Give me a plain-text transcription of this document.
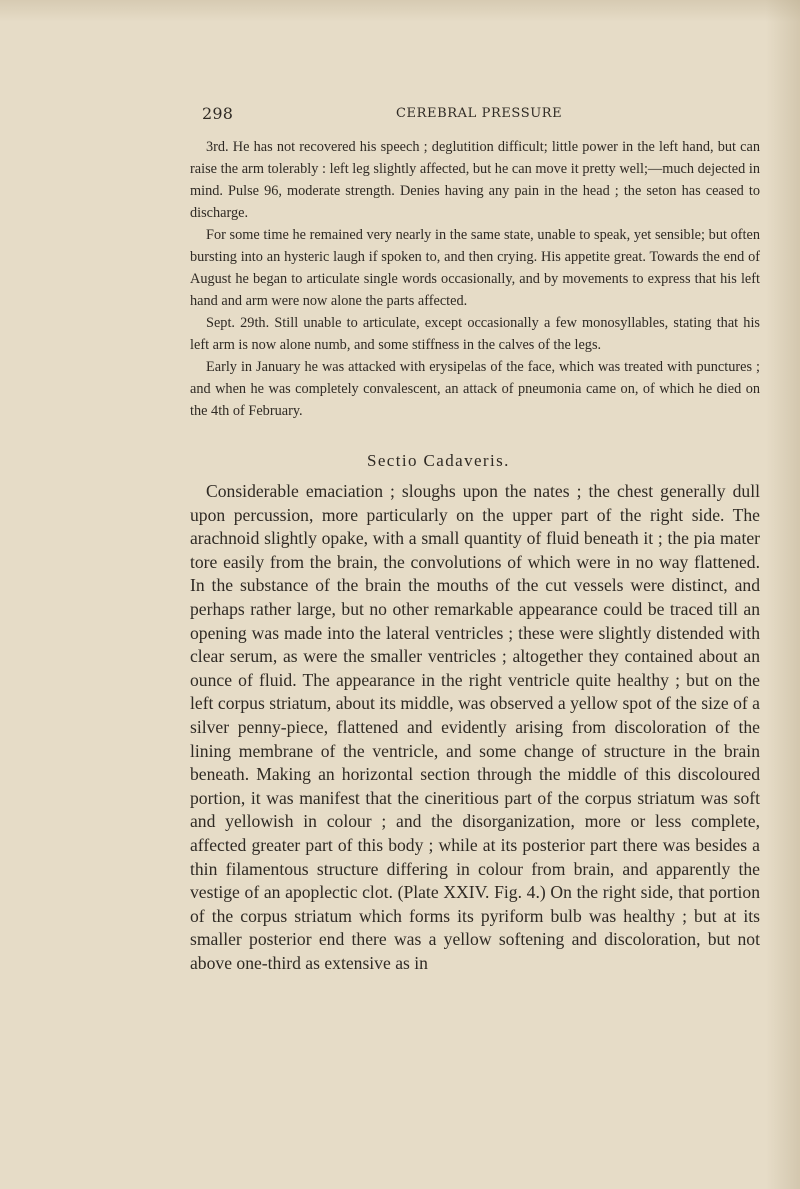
298	CEREBRAL PRESSURE

3rd. He has not recovered his speech ; deglutition difficult; little power in the left hand, but can raise the arm tolerably : left leg slightly affected, but he can move it pretty well;—much dejected in mind. Pulse 96, moderate strength. Denies having any pain in the head ; the seton has ceased to discharge.

For some time he remained very nearly in the same state, unable to speak, yet sensible; but often bursting into an hysteric laugh if spoken to, and then crying. His appetite great. Towards the end of August he began to articulate single words occasionally, and by movements to express that his left hand and arm were now alone the parts affected.

Sept. 29th. Still unable to articulate, except occasionally a few monosyllables, stating that his left arm is now alone numb, and some stiffness in the calves of the legs.

Early in January he was attacked with erysipelas of the face, which was treated with punctures ; and when he was completely convalescent, an attack of pneumonia came on, of which he died on the 4th of February.

Sectio Cadaveris.

Considerable emaciation ; sloughs upon the nates ; the chest generally dull upon percussion, more particularly on the upper part of the right side. The arachnoid slightly opake, with a small quantity of fluid beneath it ; the pia mater tore easily from the brain, the convolutions of which were in no way flattened. In the substance of the brain the mouths of the cut vessels were distinct, and perhaps rather large, but no other remarkable appearance could be traced till an opening was made into the lateral ventricles ; these were slightly distended with clear serum, as were the smaller ventricles ; altogether they contained about an ounce of fluid. The appearance in the right ventricle quite healthy ; but on the left corpus striatum, about its middle, was observed a yellow spot of the size of a silver penny-piece, flattened and evidently arising from discoloration of the lining membrane of the ventricle, and some change of structure in the brain beneath. Making an horizontal section through the middle of this discoloured portion, it was manifest that the cineritious part of the corpus striatum was soft and yellowish in colour ; and the disorganization, more or less complete, affected greater part of this body ; while at its posterior part there was besides a thin filamentous structure differing in colour from brain, and apparently the vestige of an apoplectic clot. (Plate XXIV. Fig. 4.) On the right side, that portion of the corpus striatum which forms its pyriform bulb was healthy ; but at its smaller posterior end there was a yellow softening and discoloration, but not above one-third as extensive as in
